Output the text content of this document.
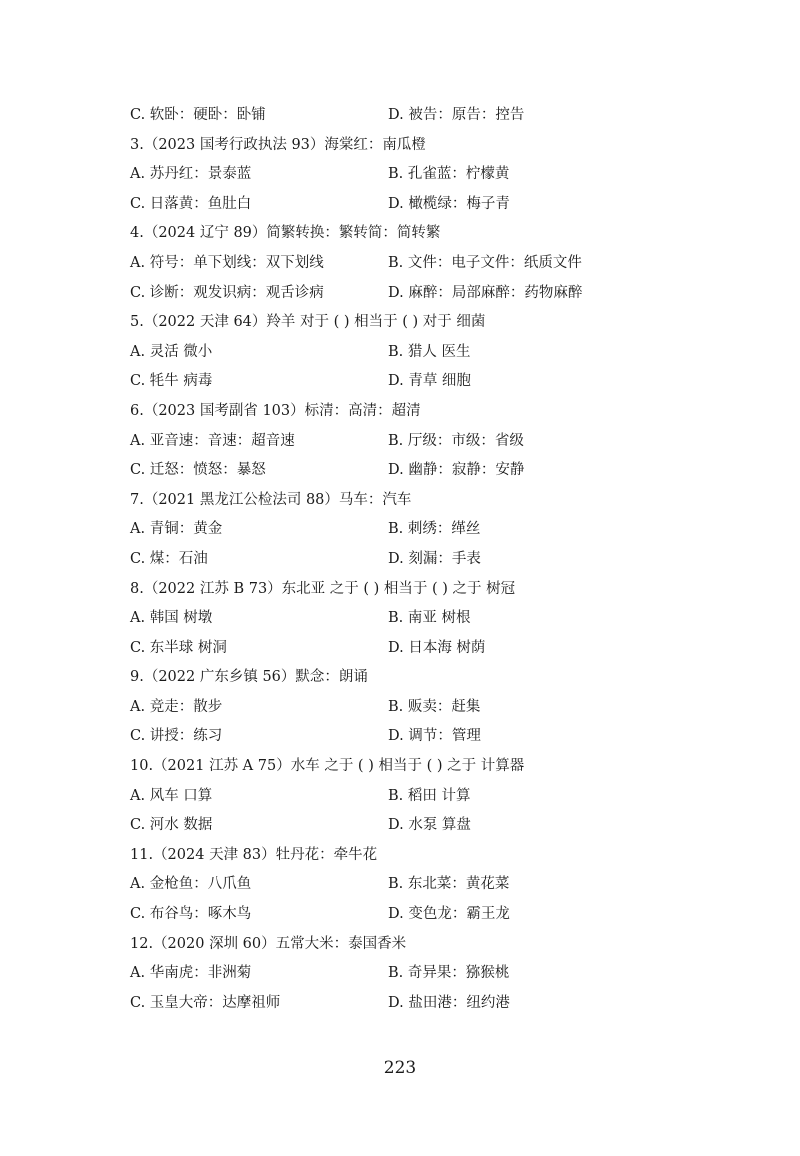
C. 软卧：硬卧：卧铺	D. 被告：原告：控告
3.（2023 国考行政执法 93）海棠红：南瓜橙
A. 苏丹红：景泰蓝	B. 孔雀蓝：柠檬黄
C. 日落黄：鱼肚白	D. 橄榄绿：梅子青
4.（2024 辽宁 89）简繁转换：繁转简：简转繁
A. 符号：单下划线：双下划线	B. 文件：电子文件：纸质文件
C. 诊断：观发识病：观舌诊病	D. 麻醉：局部麻醉：药物麻醉
5.（2022 天津 64）羚羊 对于 ( ) 相当于 ( ) 对于 细菌
A. 灵活 微小	B. 猎人 医生
C. 牦牛 病毒	D. 青草 细胞
6.（2023 国考副省 103）标清：高清：超清
A. 亚音速：音速：超音速	B. 厅级：市级：省级
C. 迁怒：愤怒：暴怒	D. 幽静：寂静：安静
7.（2021 黑龙江公检法司 88）马车：汽车
A. 青铜：黄金	B. 刺绣：缂丝
C. 煤：石油	D. 刻漏：手表
8.（2022 江苏 B 73）东北亚 之于 ( ) 相当于 ( ) 之于 树冠
A. 韩国 树墩	B. 南亚 树根
C. 东半球 树洞	D. 日本海 树荫
9.（2022 广东乡镇 56）默念：朗诵
A. 竞走：散步	B. 贩卖：赶集
C. 讲授：练习	D. 调节：管理
10.（2021 江苏 A 75）水车 之于 ( ) 相当于 ( ) 之于 计算器
A. 风车 口算	B. 稻田 计算
C. 河水 数据	D. 水泵 算盘
11.（2024 天津 83）牡丹花：牵牛花
A. 金枪鱼：八爪鱼	B. 东北菜：黄花菜
C. 布谷鸟：啄木鸟	D. 变色龙：霸王龙
12.（2020 深圳 60）五常大米：泰国香米
A. 华南虎：非洲菊	B. 奇异果：猕猴桃
C. 玉皇大帝：达摩祖师	D. 盐田港：纽约港
223
